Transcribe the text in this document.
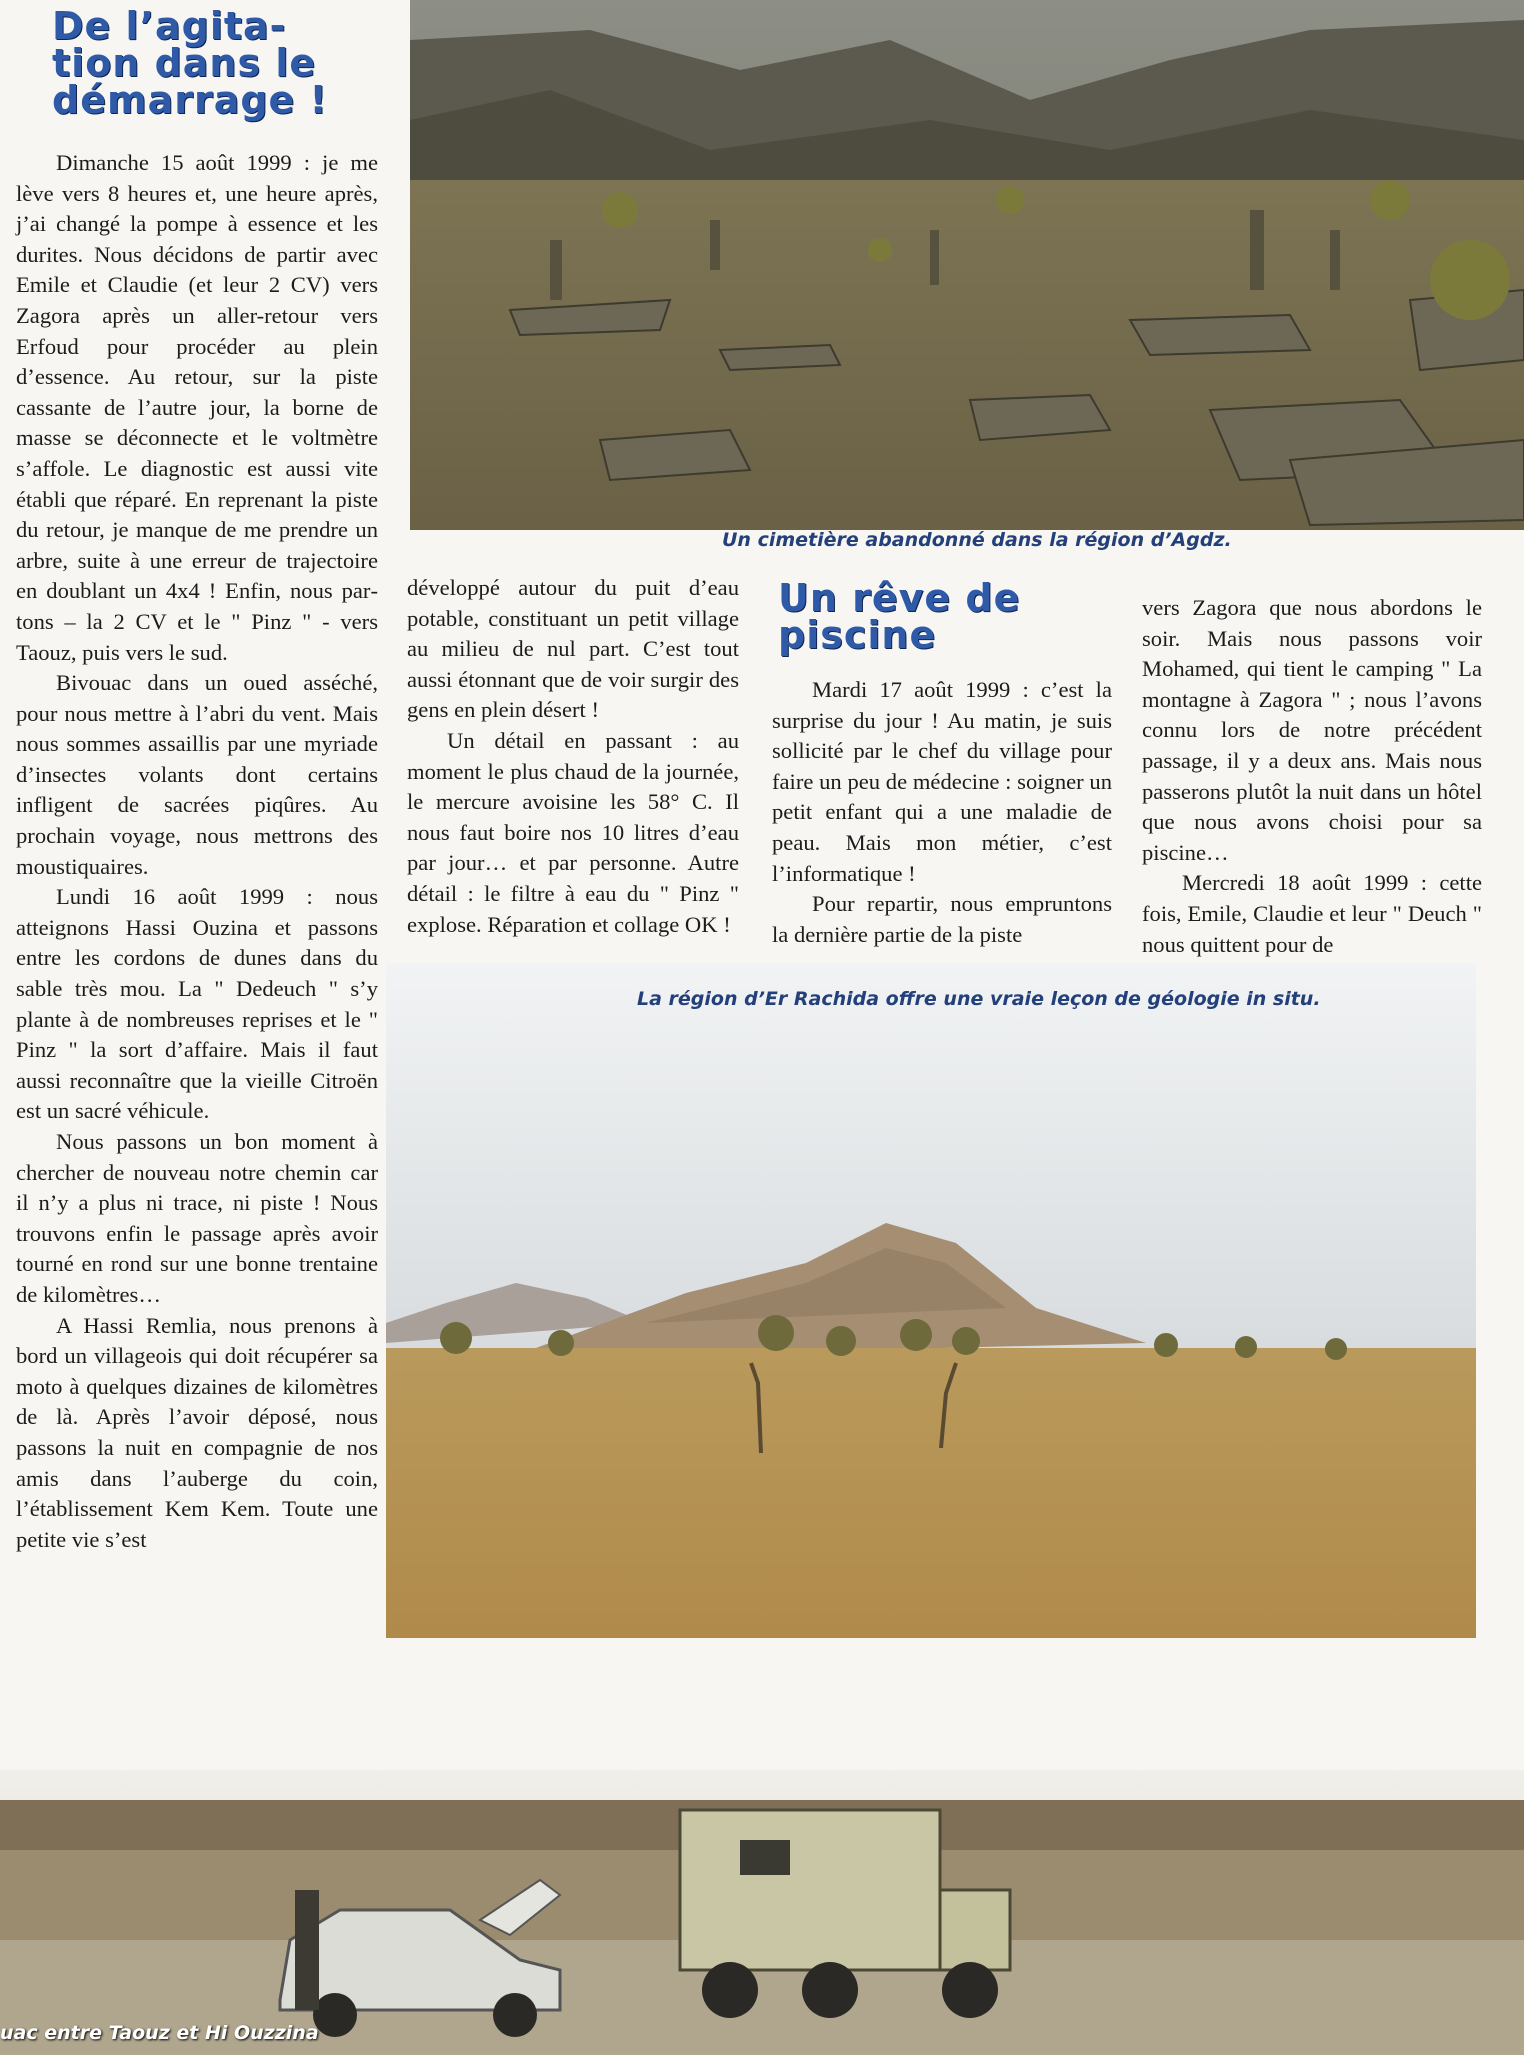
Un cimetière abandonné dans la région d’Agdz.
De l’agita-
tion dans le
démarrage !
Un rêve de
piscine

Dimanche 15 août 1999 : je me lève vers 8 heures et, une heure après, j’ai changé la pompe à essence et les durites. Nous décidons de partir avec Emile et Claudie (et leur 2 CV) vers Zagora après un aller-retour vers Erfoud pour procéder au plein d’essence. Au retour, sur la piste cassante de l’autre jour, la borne de masse se déconnecte et le voltmètre s’affole. Le diagnostic est aussi vite établi que réparé. En reprenant la piste du retour, je manque de me prendre un arbre, suite à une erreur de trajectoire en doublant un 4x4 ! Enfin, nous partons – la 2 CV et le " Pinz " - vers Taouz, puis vers le sud.

Bivouac dans un oued asséché, pour nous mettre à l’abri du vent. Mais nous sommes assaillis par une myriade d’insectes volants dont certains infligent de sacrées piqûres. Au prochain voyage, nous mettrons des moustiquaires.

Lundi 16 août 1999 : nous atteignons Hassi Ouzina et passons entre les cordons de dunes dans du sable très mou. La " Dedeuch " s’y plante à de nombreuses reprises et le " Pinz " la sort d’affaire. Mais il faut aussi reconnaître que la vieille Citroën est un sacré véhicule.

Nous passons un bon moment à chercher de nouveau notre chemin car il n’y a plus ni trace, ni piste ! Nous trouvons enfin le passage après avoir tourné en rond sur une bonne trentaine de kilomètres…

A Hassi Remlia, nous prenons à bord un villageois qui doit récupérer sa moto à quelques dizaines de kilomètres de là. Après l’avoir déposé, nous passons la nuit en compagnie de nos amis dans l’auberge du coin, l’établissement Kem Kem. Toute une petite vie s’est

développé autour du puit d’eau potable, constituant un petit village au milieu de nul part. C’est tout aussi étonnant que de voir surgir des gens en plein désert !

Un détail en passant : au moment le plus chaud de la journée, le mercure avoisine les 58° C. Il nous faut boire nos 10 litres d’eau par jour… et par personne. Autre détail : le filtre à eau du " Pinz " explose. Réparation et collage OK !

Mardi 17 août 1999 : c’est la surprise du jour ! Au matin, je suis sollicité par le chef du village pour faire un peu de médecine : soigner un petit enfant qui a une maladie de peau. Mais mon métier, c’est l’informatique !

Pour repartir, nous empruntons la dernière partie de la piste

vers Zagora que nous abordons le soir. Mais nous passons voir Mohamed, qui tient le camping " La montagne à Zagora " ; nous l’avons connu lors de notre précédent passage, il y a deux ans. Mais nous passerons plutôt la nuit dans un hôtel que nous avons choisi pour sa piscine…

Mercredi 18 août 1999 : cette fois, Emile, Claudie et leur " Deuch " nous quittent pour de

La région d’Er Rachida offre une vraie leçon de géologie in situ.
uac entre Taouz et Hi Ouzzina
